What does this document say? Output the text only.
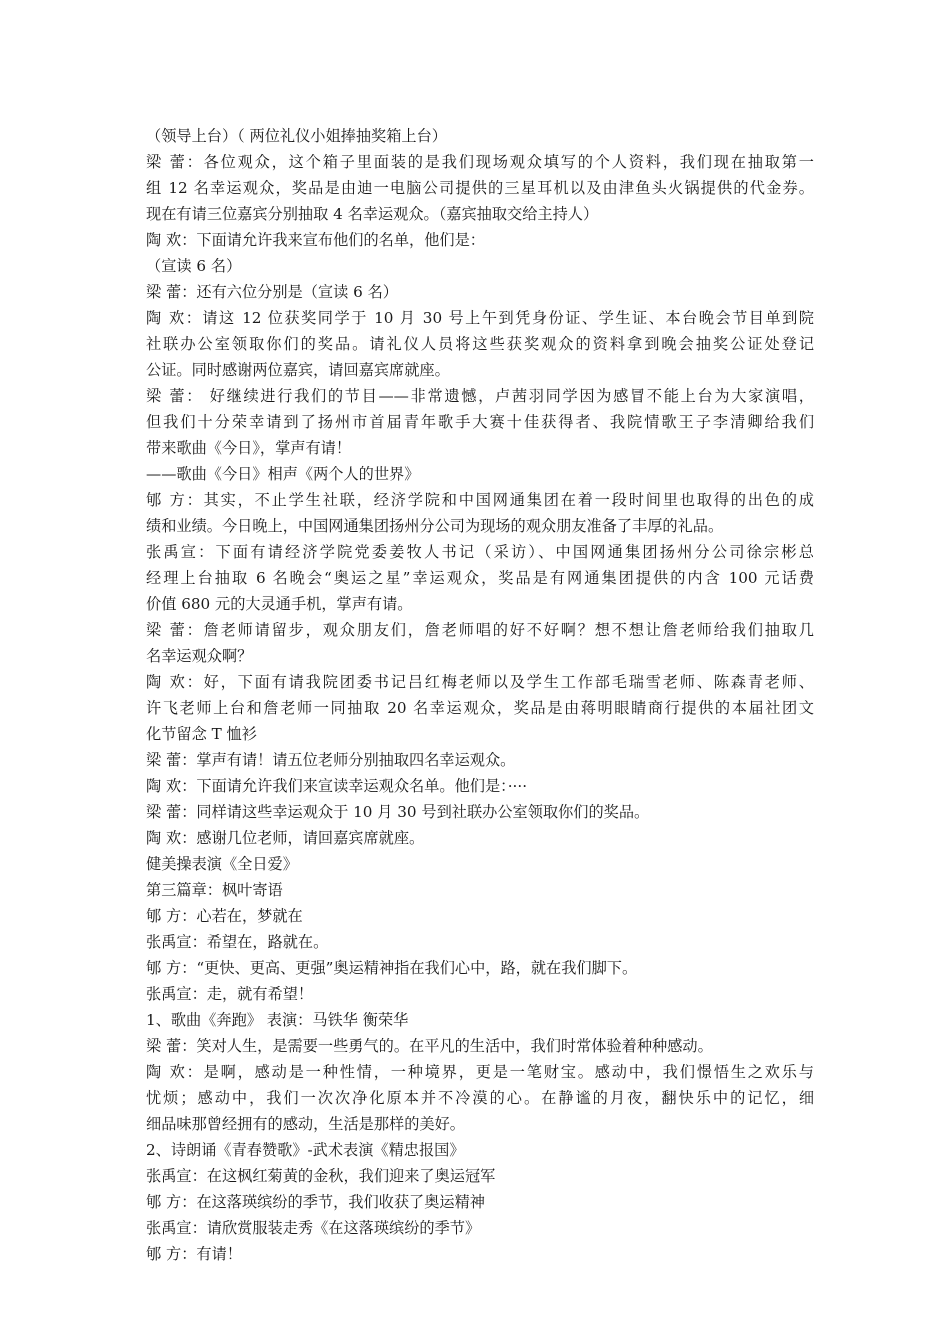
（领导上台）（ 两位礼仪小姐捧抽奖箱上台）
梁 蕾：各位观众，这个箱子里面装的是我们现场观众填写的个人资料，我们现在抽取第一
组 12 名幸运观众，奖品是由迪一电脑公司提供的三星耳机以及由津鱼头火锅提供的代金券。
现在有请三位嘉宾分别抽取 4 名幸运观众。（嘉宾抽取交给主持人）
陶 欢：下面请允许我来宣布他们的名单，他们是：
（宣读 6 名）
梁 蕾：还有六位分别是（宣读 6 名）
陶 欢：请这 12 位获奖同学于 10 月 30 号上午到凭身份证、学生证、本台晚会节目单到院
社联办公室领取你们的奖品。请礼仪人员将这些获奖观众的资料拿到晚会抽奖公证处登记
公证。同时感谢两位嘉宾，请回嘉宾席就座。
梁 蕾： 好继续进行我们的节目——非常遗憾，卢茜羽同学因为感冒不能上台为大家演唱，
但我们十分荣幸请到了扬州市首届青年歌手大赛十佳获得者、我院情歌王子李清卿给我们
带来歌曲《今日》，掌声有请！
——歌曲《今日》相声《两个人的世界》
郇 方：其实，不止学生社联，经济学院和中国网通集团在着一段时间里也取得的出色的成
绩和业绩。今日晚上，中国网通集团扬州分公司为现场的观众朋友准备了丰厚的礼品。
张禹宣：下面有请经济学院党委姜牧人书记（采访）、中国网通集团扬州分公司徐宗彬总
经理上台抽取 6 名晚会“奥运之星”幸运观众，奖品是有网通集团提供的内含 100 元话费
价值 680 元的大灵通手机，掌声有请。
梁 蕾：詹老师请留步，观众朋友们，詹老师唱的好不好啊？想不想让詹老师给我们抽取几
名幸运观众啊？
陶 欢：好，下面有请我院团委书记吕红梅老师以及学生工作部毛瑞雪老师、陈森青老师、
许飞老师上台和詹老师一同抽取 20 名幸运观众，奖品是由蒋明眼睛商行提供的本届社团文
化节留念 T 恤衫
梁 蕾：掌声有请！请五位老师分别抽取四名幸运观众。
陶 欢：下面请允许我们来宣读幸运观众名单。他们是：····
梁 蕾：同样请这些幸运观众于 10 月 30 号到社联办公室领取你们的奖品。
陶 欢：感谢几位老师，请回嘉宾席就座。
健美操表演《全日爱》
第三篇章：枫叶寄语
郇 方：心若在，梦就在
张禹宣：希望在，路就在。
郇 方：“更快、更高、更强”奥运精神指在我们心中，路，就在我们脚下。
张禹宣：走，就有希望！
1、歌曲《奔跑》 表演：马铁华 衡荣华
梁 蕾：笑对人生，是需要一些勇气的。在平凡的生活中，我们时常体验着种种感动。
陶 欢：是啊，感动是一种性情，一种境界，更是一笔财宝。感动中，我们憬悟生之欢乐与
忧烦；感动中，我们一次次净化原本并不冷漠的心。在静谧的月夜，翻快乐中的记忆，细
细品味那曾经拥有的感动，生活是那样的美好。
2、诗朗诵《青春赞歌》-武术表演《精忠报国》
张禹宣：在这枫红菊黄的金秋，我们迎来了奥运冠军
郇 方：在这落瑛缤纷的季节，我们收获了奥运精神
张禹宣：请欣赏服装走秀《在这落瑛缤纷的季节》
郇 方：有请！
